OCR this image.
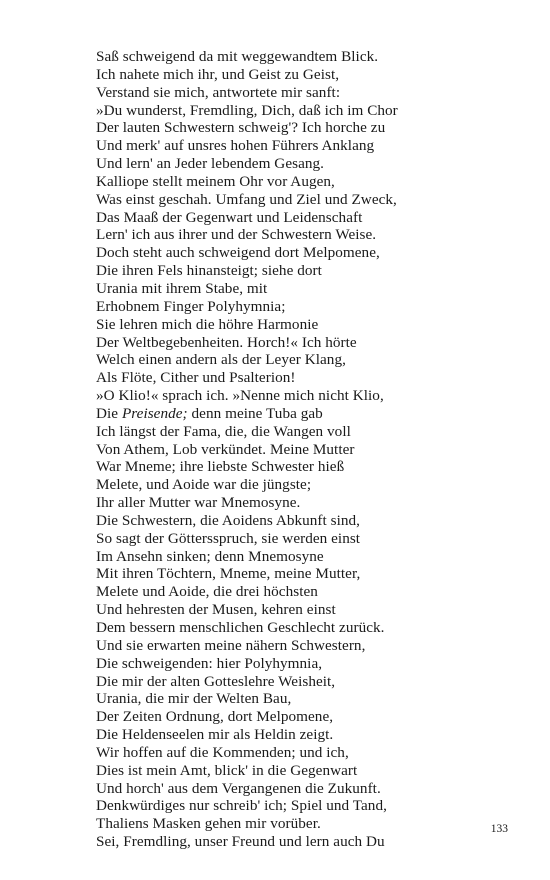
Saß schweigend da mit weggewandtem Blick.
Ich nahete mich ihr, und Geist zu Geist,
Verstand sie mich, antwortete mir sanft:
»Du wunderst, Fremdling, Dich, daß ich im Chor
Der lauten Schwestern schweig'? Ich horche zu
Und merk' auf unsres hohen Führers Anklang
Und lern' an Jeder lebendem Gesang.
Kalliope stellt meinem Ohr vor Augen,
Was einst geschah. Umfang und Ziel und Zweck,
Das Maaß der Gegenwart und Leidenschaft
Lern' ich aus ihrer und der Schwestern Weise.
Doch steht auch schweigend dort Melpomene,
Die ihren Fels hinansteigt; siehe dort
Urania mit ihrem Stabe, mit
Erhobnem Finger Polyhymnia;
Sie lehren mich die höhre Harmonie
Der Weltbegebenheiten. Horch!« Ich hörte
Welch einen andern als der Leyer Klang,
Als Flöte, Cither und Psalterion!
»O Klio!« sprach ich. »Nenne mich nicht Klio,
Die Preisende; denn meine Tuba gab
Ich längst der Fama, die, die Wangen voll
Von Athem, Lob verkündet. Meine Mutter
War Mneme; ihre liebste Schwester hieß
Melete, und Aoide war die jüngste;
Ihr aller Mutter war Mnemosyne.
Die Schwestern, die Aoidens Abkunft sind,
So sagt der Göttersspruch, sie werden einst
Im Ansehn sinken; denn Mnemosyne
Mit ihren Töchtern, Mneme, meine Mutter,
Melete und Aoide, die drei höchsten
Und hehresten der Musen, kehren einst
Dem bessern menschlichen Geschlecht zurück.
Und sie erwarten meine nähern Schwestern,
Die schweigenden: hier Polyhymnia,
Die mir der alten Gotteslehre Weisheit,
Urania, die mir der Welten Bau,
Der Zeiten Ordnung, dort Melpomene,
Die Heldenseelen mir als Heldin zeigt.
Wir hoffen auf die Kommenden; und ich,
Dies ist mein Amt, blick' in die Gegenwart
Und horch' aus dem Vergangenen die Zukunft.
Denkwürdiges nur schreib' ich; Spiel und Tand,
Thaliens Masken gehen mir vorüber.
Sei, Fremdling, unser Freund und lern auch Du
133
